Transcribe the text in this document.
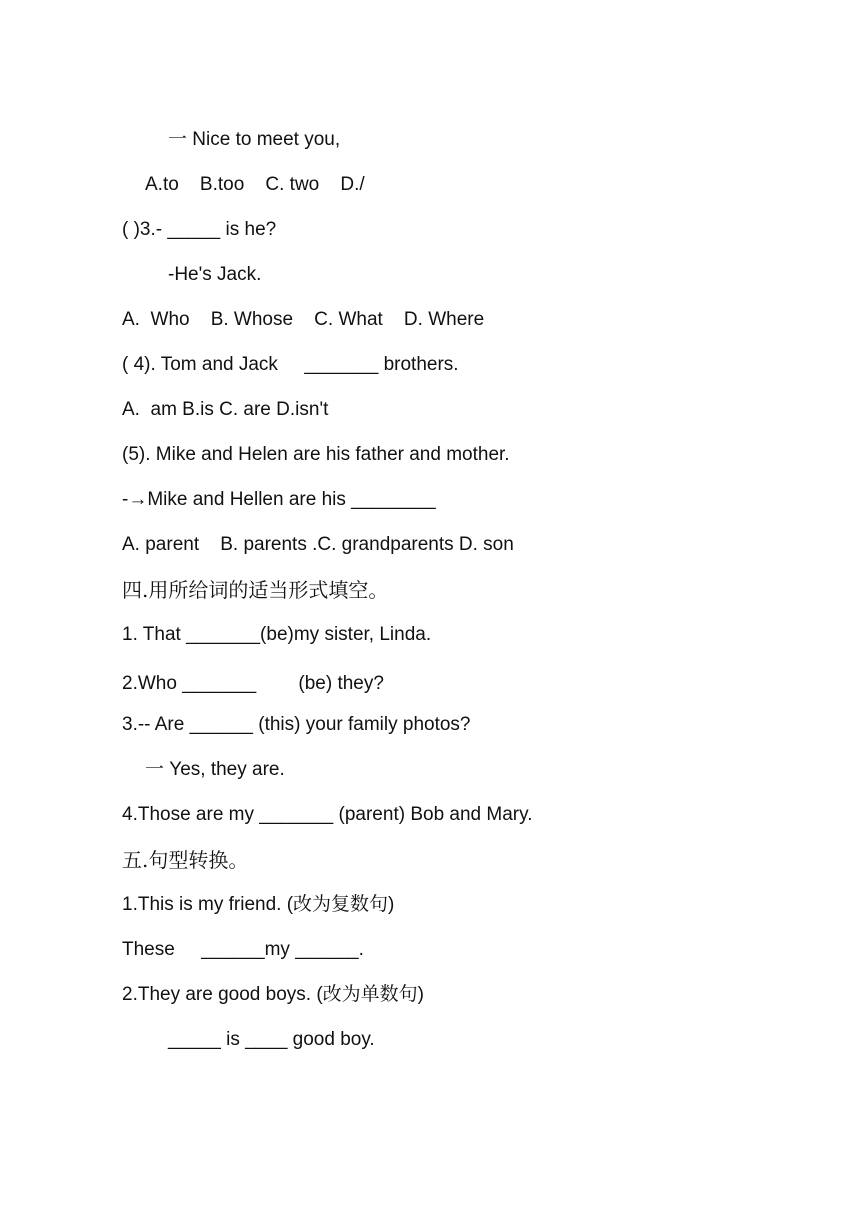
一 Nice to meet you,

A.to    B.too    C. two    D./

( )3.- _____ is he?

-He's Jack.

A.  Who    B. Whose    C. What    D. Where

( 4). Tom and Jack     _______ brothers.

A.  am B.is C. are D.isn't

(5). Mike and Helen are his father and mother.

-→Mike and Hellen are his ________

A. parent    B. parents .C. grandparents D. son

四.用所给词的适当形式填空。

1. That _______(be)my sister, Linda.

2.Who _______        (be) they?

3.-- Are ______ (this) your family photos?

一 Yes, they are.

4.Those are my _______ (parent) Bob and Mary.

五.句型转换。

1.This is my friend. (改为复数句)

These     ______my ______.

2.They are good boys. (改为单数句)

_____ is ____ good boy.
